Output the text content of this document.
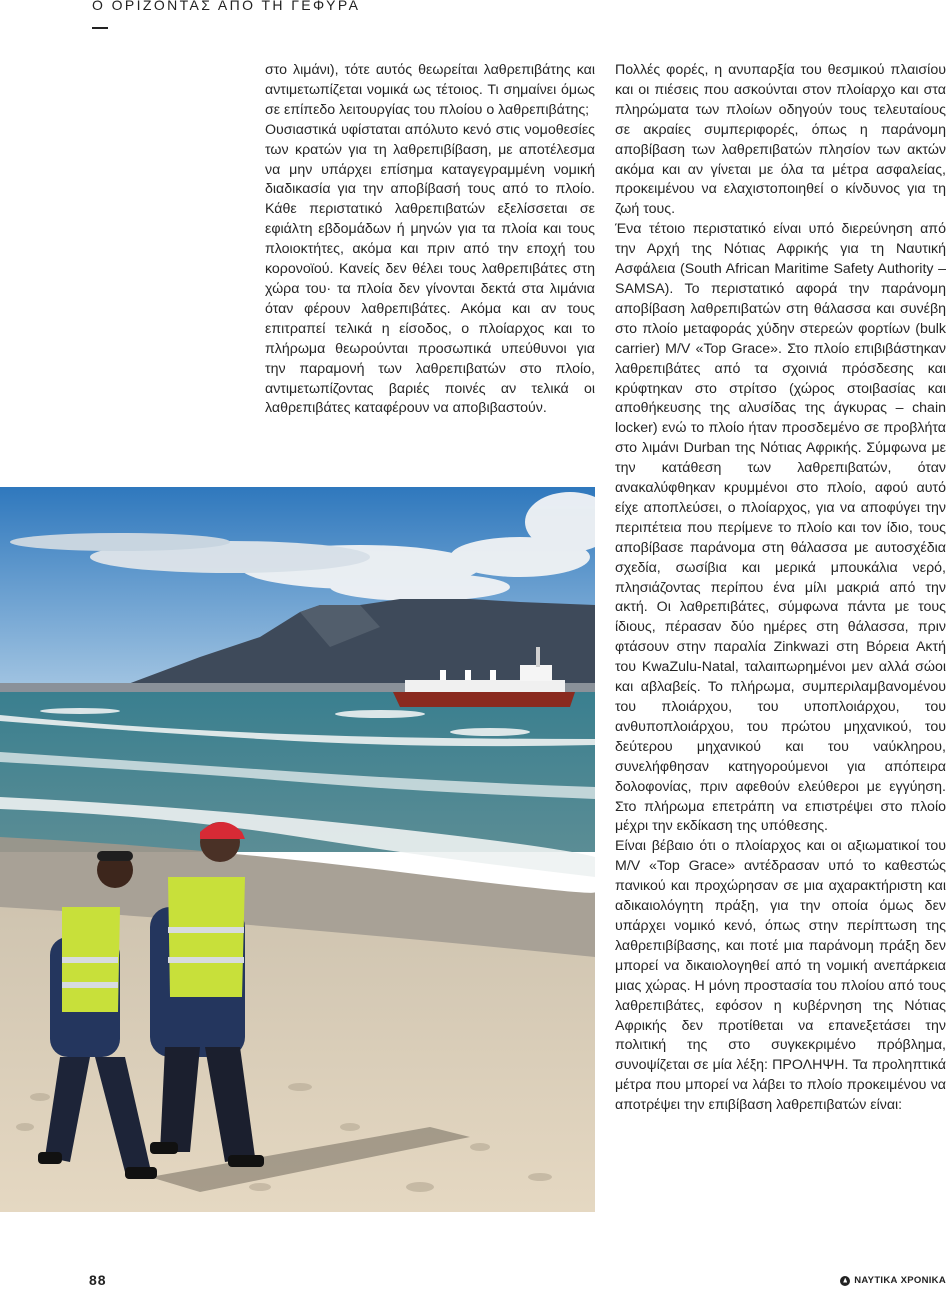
Ο ΟΡΙΖΟΝΤΑΣ ΑΠΟ ΤΗ ΓΕΦΥΡΑ

στο λιμάνι), τότε αυτός θεωρείται λαθρεπιβάτης και αντιμετωπίζεται νομικά ως τέτοιος. Τι σημαίνει όμως σε επίπεδο λειτουργίας του πλοίου ο λαθρεπιβάτης;

Ουσιαστικά υφίσταται απόλυτο κενό στις νομοθεσίες των κρατών για τη λαθρεπιβίβαση, με αποτέλεσμα να μην υπάρχει επίσημα καταγεγραμμένη νομική διαδικασία για την αποβίβασή τους από το πλοίο. Κάθε περιστατικό λαθρεπιβατών εξελίσσεται σε εφιάλτη εβδομάδων ή μηνών για τα πλοία και τους πλοιοκτήτες, ακόμα και πριν από την εποχή του κορονοϊού. Κανείς δεν θέλει τους λαθρεπιβάτες στη χώρα του· τα πλοία δεν γίνονται δεκτά στα λιμάνια όταν φέρουν λαθρεπιβάτες. Ακόμα και αν τους επιτραπεί τελικά η είσοδος, ο πλοίαρχος και το πλήρωμα θεωρούνται προσωπικά υπεύθυνοι για την παραμονή των λαθρεπιβατών στο πλοίο, αντιμετωπίζοντας βαριές ποινές αν τελικά οι λαθρεπιβάτες καταφέρουν να αποβιβαστούν.

Πολλές φορές, η ανυπαρξία του θεσμικού πλαισίου και οι πιέσεις που ασκούνται στον πλοίαρχο και στα πληρώματα των πλοίων οδηγούν τους τελευταίους σε ακραίες συμπεριφορές, όπως η παράνομη αποβίβαση των λαθρεπιβατών πλησίον των ακτών ακόμα και αν γίνεται με όλα τα μέτρα ασφαλείας, προκειμένου να ελαχιστοποιηθεί ο κίνδυνος για τη ζωή τους.

Ένα τέτοιο περιστατικό είναι υπό διερεύνηση από την Αρχή της Νότιας Αφρικής για τη Ναυτική Ασφάλεια (South African Maritime Safety Authority – SAMSA). Το περιστατικό αφορά την παράνομη αποβίβαση λαθρεπιβατών στη θάλασσα και συνέβη στο πλοίο μεταφοράς χύδην στερεών φορτίων (bulk carrier) M/V «Top Grace». Στο πλοίο επιβιβάστηκαν λαθρεπιβάτες από τα σχοινιά πρόσδεσης και κρύφτηκαν στο στρίτσο (χώρος στοιβασίας και αποθήκευσης της αλυσίδας της άγκυρας – chain locker) ενώ το πλοίο ήταν προσδεμένο σε προβλήτα στο λιμάνι Durban της Νότιας Αφρικής. Σύμφωνα με την κατάθεση των λαθρεπιβατών, όταν ανακαλύφθηκαν κρυμμένοι στο πλοίο, αφού αυτό είχε αποπλεύσει, ο πλοίαρχος, για να αποφύγει την περιπέτεια που περίμενε το πλοίο και τον ίδιο, τους αποβίβασε παράνομα στη θάλασσα με αυτοσχέδια σχεδία, σωσίβια και μερικά μπουκάλια νερό, πλησιάζοντας περίπου ένα μίλι μακριά από την ακτή. Οι λαθρεπιβάτες, σύμφωνα πάντα με τους ίδιους, πέρασαν δύο ημέρες στη θάλασσα, πριν φτάσουν στην παραλία Zinkwazi στη Βόρεια Ακτή του KwaZulu-Natal, ταλαιπωρημένοι μεν αλλά σώοι και αβλαβείς. Το πλήρωμα, συμπεριλαμβανομένου του πλοιάρχου, του υποπλοιάρχου, του ανθυποπλοιάρχου, του πρώτου μηχανικού, του δεύτερου μηχανικού και του ναύκληρου, συνελήφθησαν κατηγορούμενοι για απόπειρα δολοφονίας, πριν αφεθούν ελεύθεροι με εγγύηση. Στο πλήρωμα επετράπη να επιστρέψει στο πλοίο μέχρι την εκδίκαση της υπόθεσης.

Είναι βέβαιο ότι ο πλοίαρχος και οι αξιωματικοί του M/V «Top Grace» αντέδρασαν υπό το καθεστώς πανικού και προχώρησαν σε μια αχαρακτήριστη και αδικαιολόγητη πράξη, για την οποία όμως δεν υπάρχει νομικό κενό, όπως στην περίπτωση της λαθρεπιβίβασης, και ποτέ μια παράνομη πράξη δεν μπορεί να δικαιολογηθεί από τη νομική ανεπάρκεια μιας χώρας. Η μόνη προστασία του πλοίου από τους λαθρεπιβάτες, εφόσον η κυβέρνηση της Νότιας Αφρικής δεν προτίθεται να επανεξετάσει την πολιτική της στο συγκεκριμένο πρόβλημα, συνοψίζεται σε μία λέξη: ΠΡΟΛΗΨΗ. Τα προληπτικά μέτρα που μπορεί να λάβει το πλοίο προκειμένου να αποτρέψει την επιβίβαση λαθρεπιβατών είναι:

88	ΝΑΥΤΙΚΑ ΧΡΟΝΙΚΑ
